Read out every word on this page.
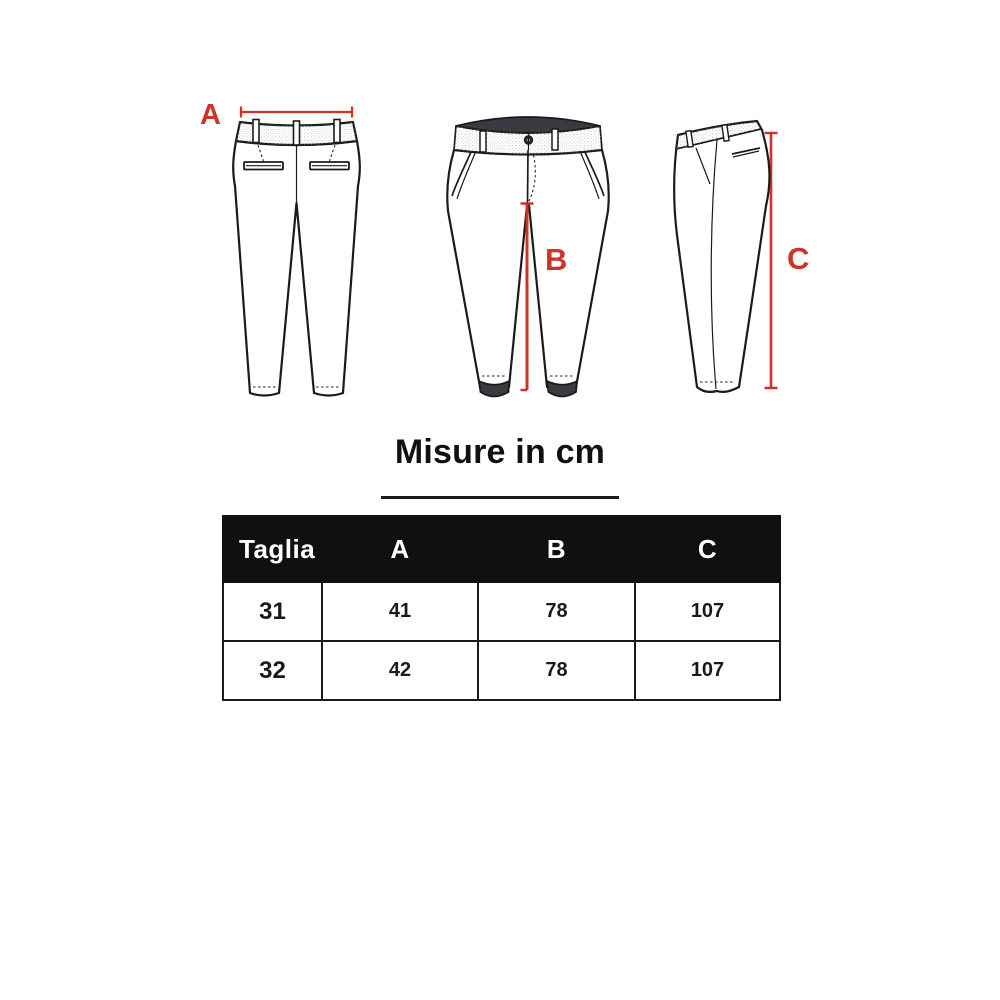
A
B	C
Misure in cm
Taglia	A	B	C
31	41	78	107
32	42	78	107
